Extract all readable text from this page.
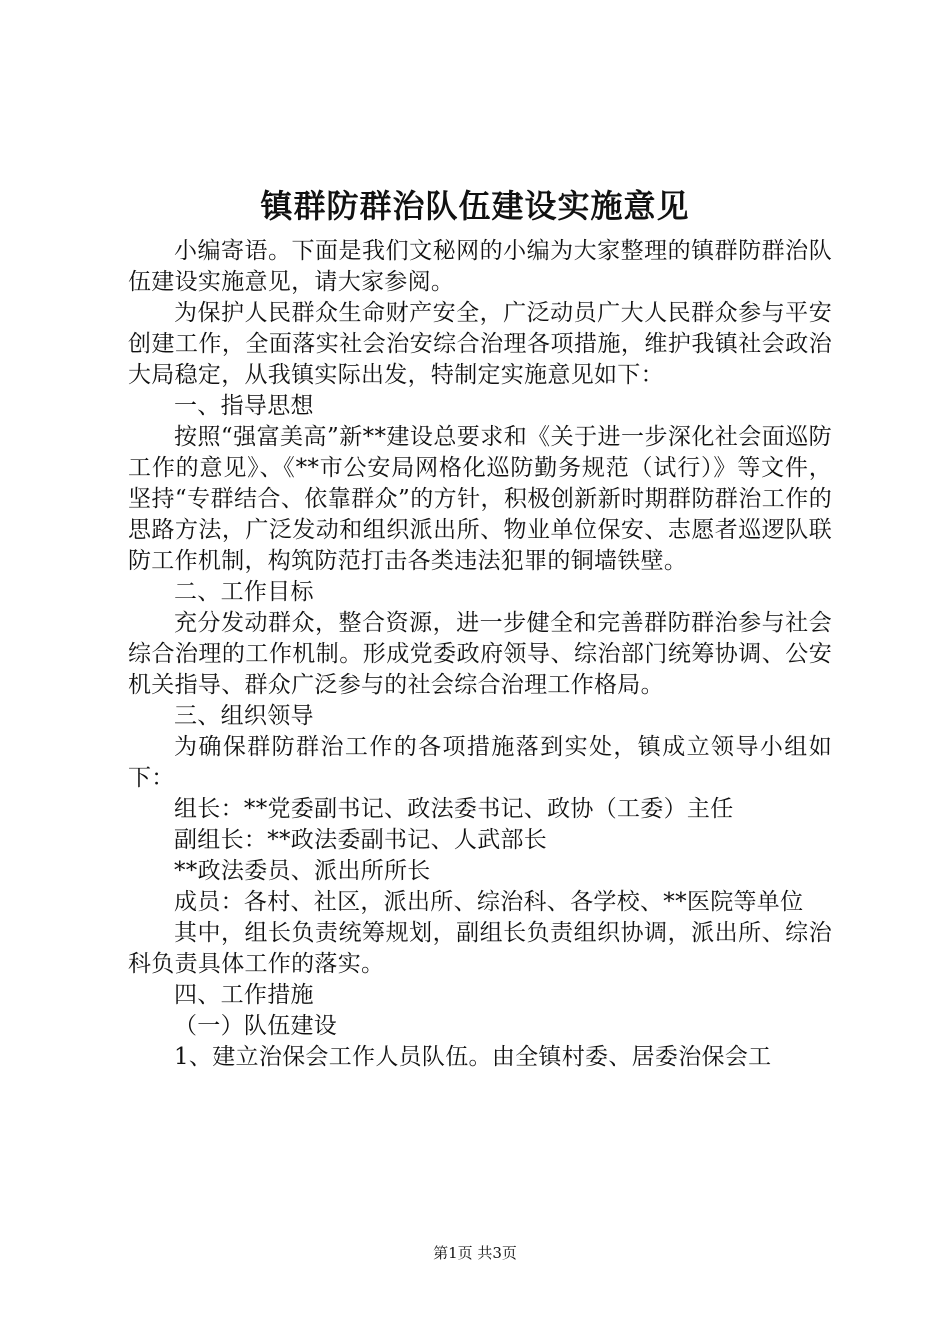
镇群防群治队伍建设实施意见

小编寄语。下面是我们文秘网的小编为大家整理的镇群防群治队伍建设实施意见，请大家参阅。

为保护人民群众生命财产安全，广泛动员广大人民群众参与平安创建工作，全面落实社会治安综合治理各项措施，维护我镇社会政治大局稳定，从我镇实际出发，特制定实施意见如下：

一、指导思想

按照“强富美高”新**建设总要求和《关于进一步深化社会面巡防工作的意见》、《**市公安局网格化巡防勤务规范（试行）》等文件，坚持“专群结合、依靠群众”的方针，积极创新新时期群防群治工作的思路方法，广泛发动和组织派出所、物业单位保安、志愿者巡逻队联防工作机制，构筑防范打击各类违法犯罪的铜墙铁壁。

二、工作目标

充分发动群众，整合资源，进一步健全和完善群防群治参与社会综合治理的工作机制。形成党委政府领导、综治部门统筹协调、公安机关指导、群众广泛参与的社会综合治理工作格局。

三、组织领导

为确保群防群治工作的各项措施落到实处，镇成立领导小组如下：

组长：**党委副书记、政法委书记、政协（工委）主任

副组长：**政法委副书记、人武部长

**政法委员、派出所所长

成员：各村、社区，派出所、综治科、各学校、**医院等单位

其中，组长负责统筹规划，副组长负责组织协调，派出所、综治科负责具体工作的落实。

四、工作措施

（一）队伍建设

1、建立治保会工作人员队伍。由全镇村委、居委治保会工

第1页 共3页
